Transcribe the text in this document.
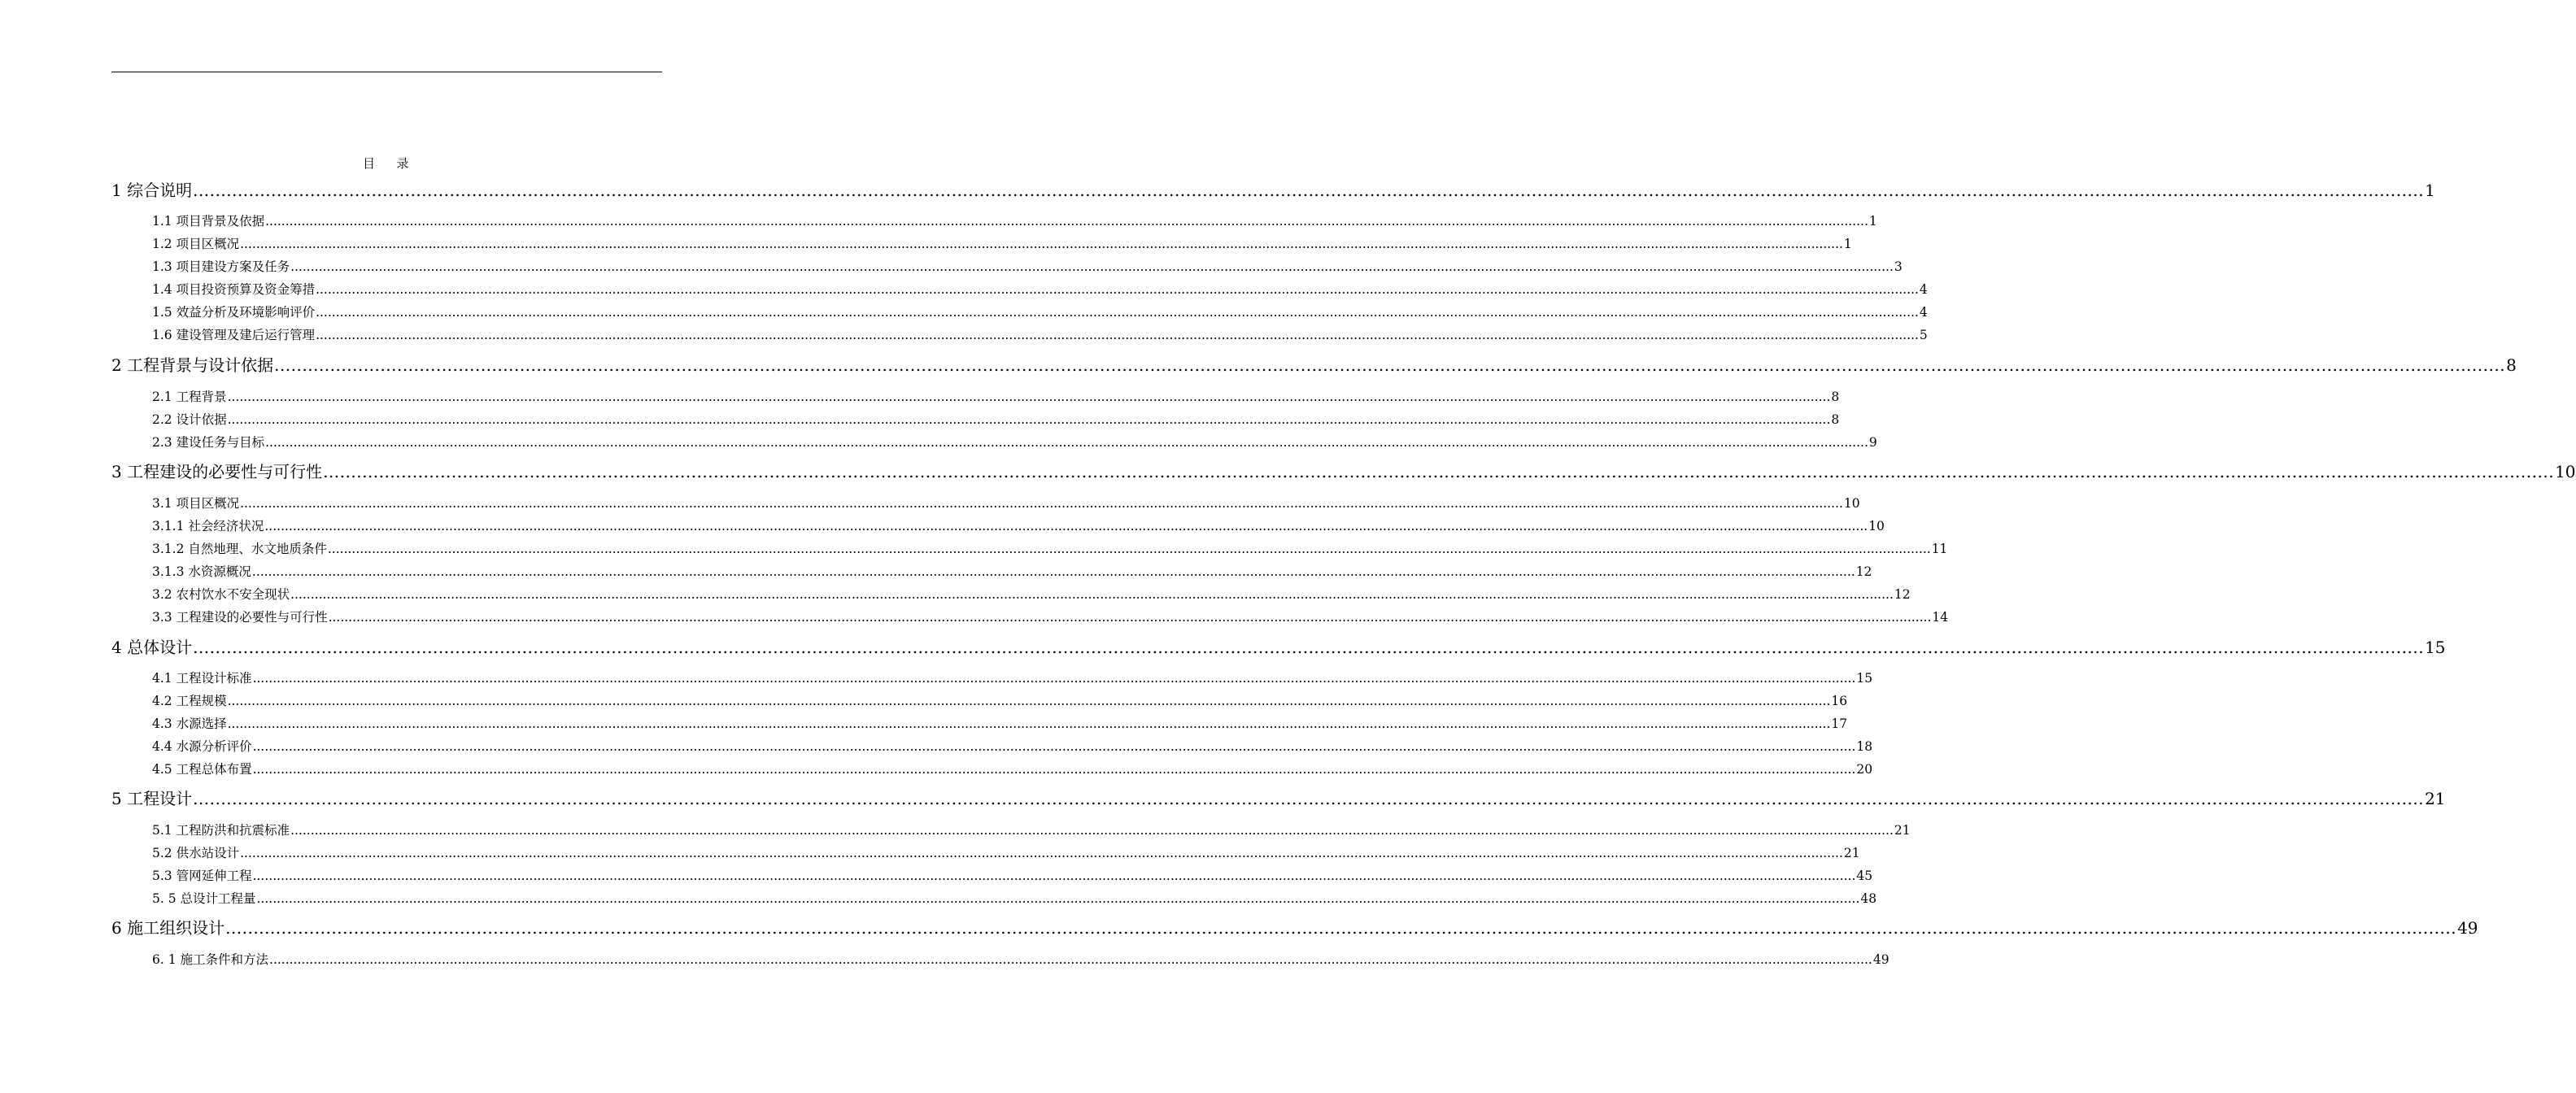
目    录
1 综合说明 ................................................................................................................................................................................................................................................................................................................................................................................................................ 1
1.1 项目背景及依据 ................................................................................................................................................................................................................................................................................................................................................................................................................ 1
1.2 项目区概况 ................................................................................................................................................................................................................................................................................................................................................................................................................ 1
1.3 项目建设方案及任务 ................................................................................................................................................................................................................................................................................................................................................................................................................ 3
1.4 项目投资预算及资金筹措 ................................................................................................................................................................................................................................................................................................................................................................................................................ 4
1.5 效益分析及环境影响评价 ................................................................................................................................................................................................................................................................................................................................................................................................................ 4
1.6 建设管理及建后运行管理 ................................................................................................................................................................................................................................................................................................................................................................................................................ 5
2 工程背景与设计依据 ................................................................................................................................................................................................................................................................................................................................................................................................................ 8
2.1 工程背景 ................................................................................................................................................................................................................................................................................................................................................................................................................ 8
2.2 设计依据 ................................................................................................................................................................................................................................................................................................................................................................................................................ 8
2.3 建设任务与目标 ................................................................................................................................................................................................................................................................................................................................................................................................................ 9
3 工程建设的必要性与可行性 ................................................................................................................................................................................................................................................................................................................................................................................................................ 10
3.1 项目区概况 ................................................................................................................................................................................................................................................................................................................................................................................................................ 10
3.1.1 社会经济状况 ................................................................................................................................................................................................................................................................................................................................................................................................................ 10
3.1.2 自然地理、水文地质条件 ................................................................................................................................................................................................................................................................................................................................................................................................................ 11
3.1.3 水资源概况 ................................................................................................................................................................................................................................................................................................................................................................................................................ 12
3.2 农村饮水不安全现状 ................................................................................................................................................................................................................................................................................................................................................................................................................ 12
3.3 工程建设的必要性与可行性 ................................................................................................................................................................................................................................................................................................................................................................................................................ 14
4 总体设计 ................................................................................................................................................................................................................................................................................................................................................................................................................ 15
4.1 工程设计标准 ................................................................................................................................................................................................................................................................................................................................................................................................................ 15
4.2 工程规模 ................................................................................................................................................................................................................................................................................................................................................................................................................ 16
4.3 水源选择 ................................................................................................................................................................................................................................................................................................................................................................................................................ 17
4.4 水源分析评价 ................................................................................................................................................................................................................................................................................................................................................................................................................ 18
4.5 工程总体布置 ................................................................................................................................................................................................................................................................................................................................................................................................................ 20
5 工程设计 ................................................................................................................................................................................................................................................................................................................................................................................................................ 21
5.1 工程防洪和抗震标准 ................................................................................................................................................................................................................................................................................................................................................................................................................ 21
5.2 供水站设计 ................................................................................................................................................................................................................................................................................................................................................................................................................ 21
5.3 管网延伸工程 ................................................................................................................................................................................................................................................................................................................................................................................................................ 45
5. 5 总设计工程量 ................................................................................................................................................................................................................................................................................................................................................................................................................ 48
6 施工组织设计 ................................................................................................................................................................................................................................................................................................................................................................................................................ 49
6. 1 施工条件和方法 ................................................................................................................................................................................................................................................................................................................................................................................................................ 49
